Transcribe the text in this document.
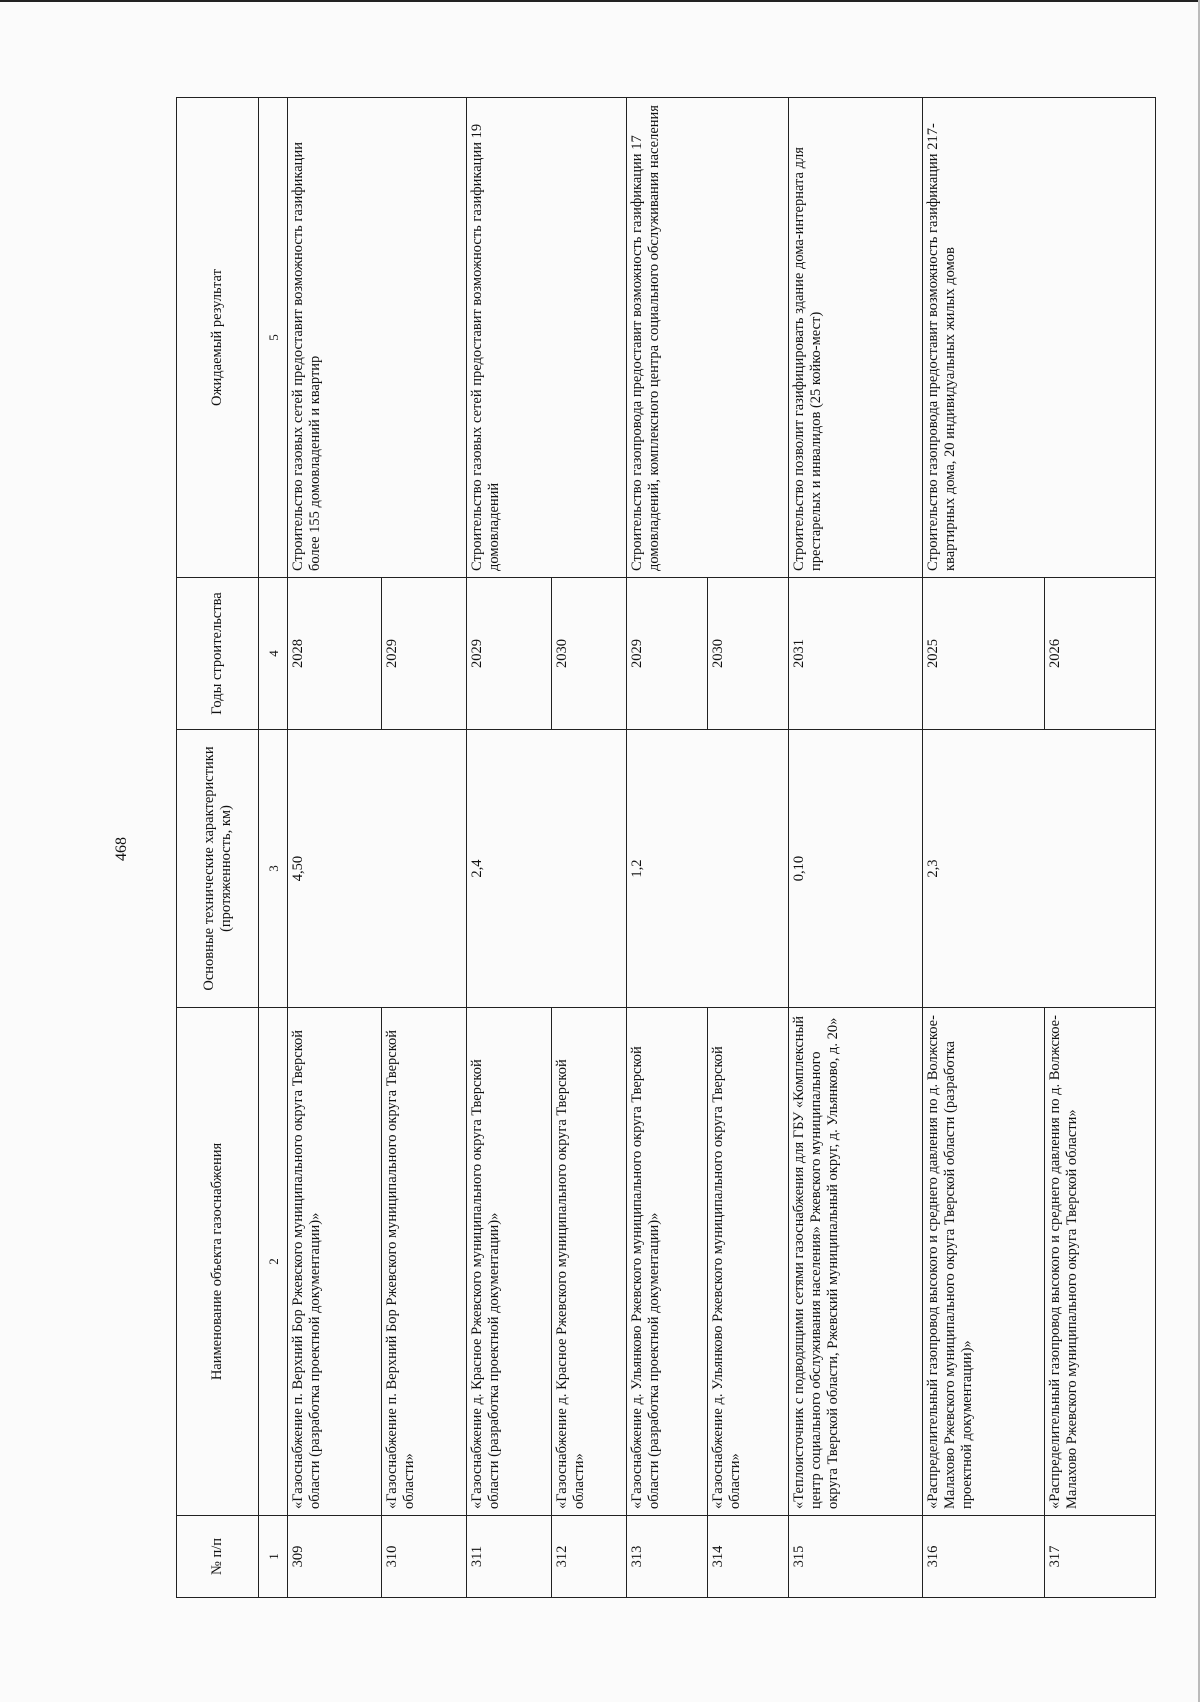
468
№ п/п	Наименование объекта газоснабжения	Основные технические характеристики (протяженность, км)	Годы строительства	Ожидаемый результат
1	2	3	4	5
309	«Газоснабжение п. Верхний Бор Ржевского муниципального округа Тверской области (разработка проектной документации)»	4,50	2028	Строительство газовых сетей предоставит возможность газификации более 155 домовладений и квартир
310	«Газоснабжение п. Верхний Бор Ржевского муниципального округа Тверской области»		2029	
311	«Газоснабжение д. Красное Ржевского муниципального округа Тверской области (разработка проектной документации)»	2,4	2029	Строительство газовых сетей предоставит возможность газификации 19 домовладений
312	«Газоснабжение д. Красное Ржевского муниципального округа Тверской области»		2030	
313	«Газоснабжение д. Ульянково Ржевского муниципального округа Тверской области (разработка проектной документации)»	1,2	2029	Строительство газопровода предоставит возможность газификации 17 домовладений, комплексного центра социального обслуживания населения
314	«Газоснабжение д. Ульянково Ржевского муниципального округа Тверской области»		2030	
315	«Теплоисточник с подводящими сетями газоснабжения для ГБУ «Комплексный центр социального обслуживания населения» Ржевского муниципального округа Тверской области, Ржевский муниципальный округ, д. Ульянково, д. 20»	0,10	2031	Строительство позволит газифицировать здание дома-интерната для престарелых и инвалидов (25 койко-мест)
316	«Распределительный газопровод высокого и среднего давления по д. Волжское-Малахово Ржевского муниципального округа Тверской области (разработка проектной документации)»	2,3	2025	Строительство газопровода предоставит возможность газификации 217-квартирных дома, 20 индивидуальных жилых домов
317	«Распределительный газопровод высокого и среднего давления по д. Волжское-Малахово Ржевского муниципального округа Тверской области»		2026	
